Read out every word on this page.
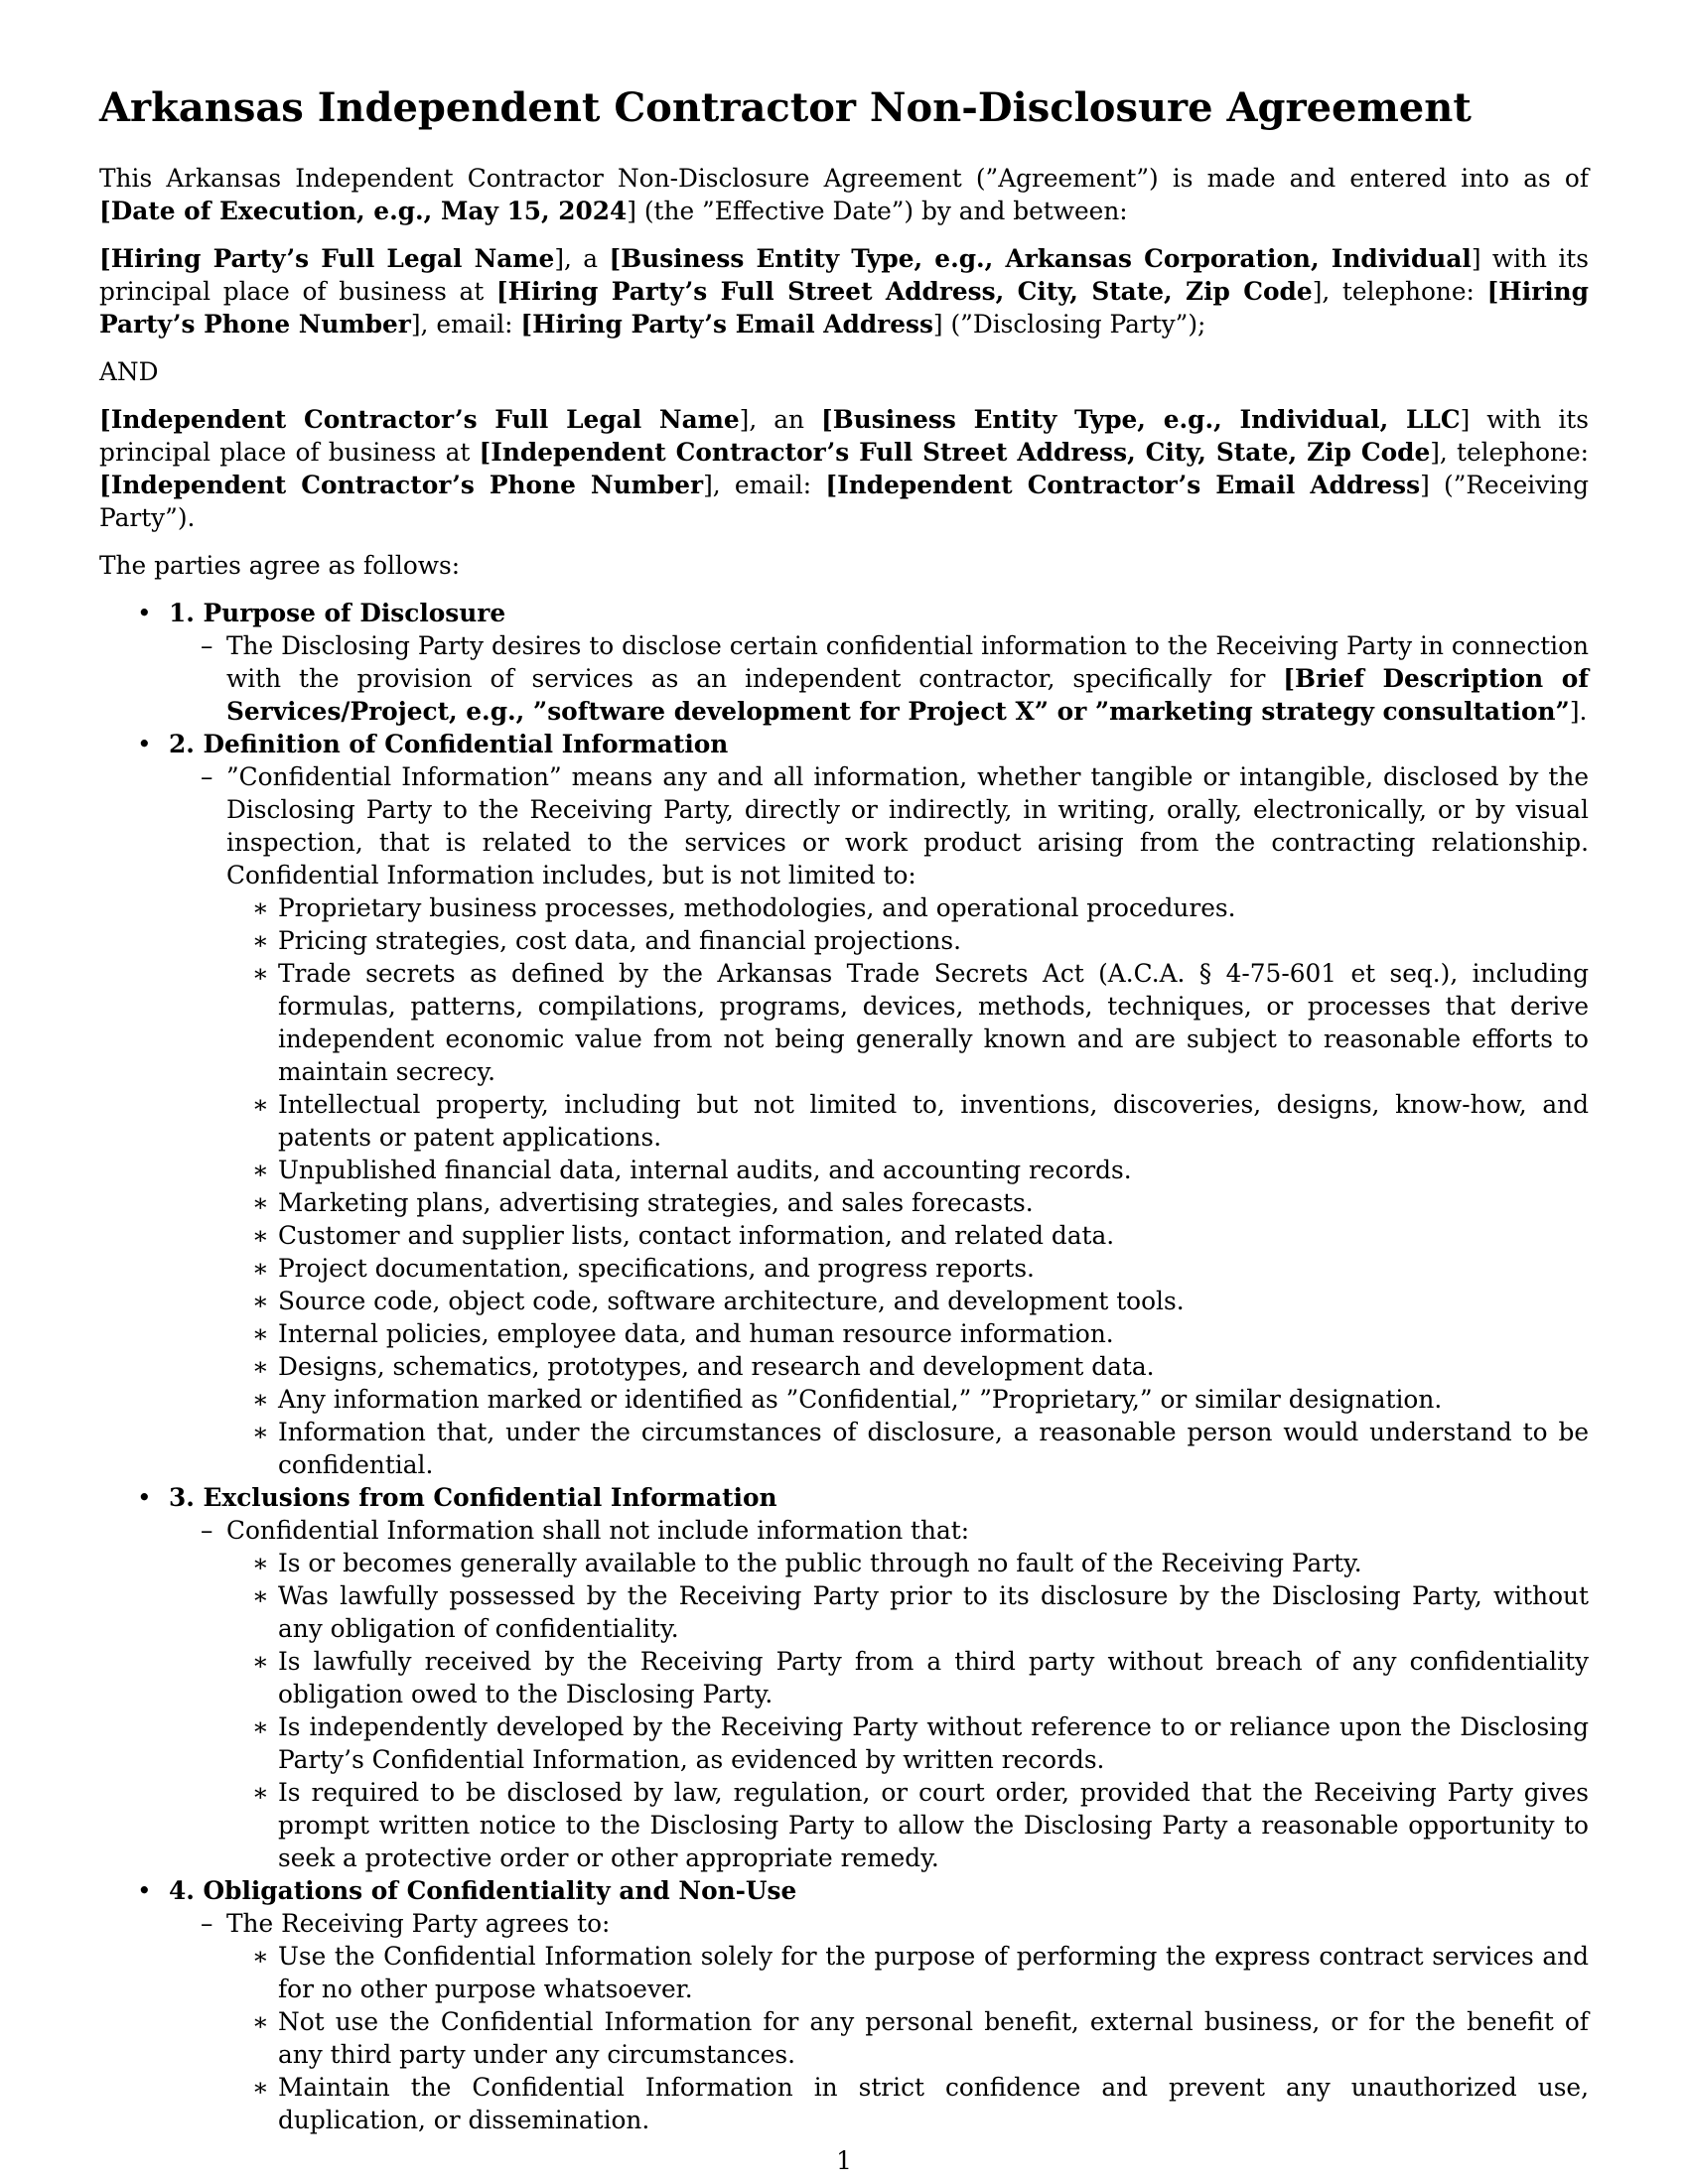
Arkansas Independent Contractor Non-Disclosure Agreement

This Arkansas Independent Contractor Non-Disclosure Agreement (”Agreement”) is made and entered into as of [Date of Execution, e.g., May 15, 2024] (the ”Effective Date”) by and between:

[Hiring Party’s Full Legal Name], a [Business Entity Type, e.g., Arkansas Corporation, Individual] with its principal place of business at [Hiring Party’s Full Street Address, City, State, Zip Code], telephone: [Hiring Party’s Phone Number], email: [Hiring Party’s Email Address] (”Disclosing Party”);

AND

[Independent Contractor’s Full Legal Name], an [Business Entity Type, e.g., Individual, LLC] with its principal place of business at [Independent Contractor’s Full Street Address, City, State, Zip Code], telephone: [Independent Contractor’s Phone Number], email: [Independent Contractor’s Email Address] (”Receiving Party”).

The parties agree as follows:

• 1. Purpose of Disclosure
– The Disclosing Party desires to disclose certain confidential information to the Receiving Party in connection with the provision of services as an independent contractor, specifically for [Brief Description of Services/Project, e.g., ”software development for Project X” or ”marketing strategy consultation”].
• 2. Definition of Confidential Information
– ”Confidential Information” means any and all information, whether tangible or intangible, disclosed by the Disclosing Party to the Receiving Party, directly or indirectly, in writing, orally, electronically, or by visual inspection, that is related to the services or work product arising from the contracting relationship. Confidential Information includes, but is not limited to:
∗ Proprietary business processes, methodologies, and operational procedures.
∗ Pricing strategies, cost data, and financial projections.
∗ Trade secrets as defined by the Arkansas Trade Secrets Act (A.C.A. § 4-75-601 et seq.), including formulas, patterns, compilations, programs, devices, methods, techniques, or processes that derive independent economic value from not being generally known and are subject to reasonable efforts to maintain secrecy.
∗ Intellectual property, including but not limited to, inventions, discoveries, designs, know-how, and patents or patent applications.
∗ Unpublished financial data, internal audits, and accounting records.
∗ Marketing plans, advertising strategies, and sales forecasts.
∗ Customer and supplier lists, contact information, and related data.
∗ Project documentation, specifications, and progress reports.
∗ Source code, object code, software architecture, and development tools.
∗ Internal policies, employee data, and human resource information.
∗ Designs, schematics, prototypes, and research and development data.
∗ Any information marked or identified as ”Confidential,” ”Proprietary,” or similar designation.
∗ Information that, under the circumstances of disclosure, a reasonable person would understand to be confidential.
• 3. Exclusions from Confidential Information
– Confidential Information shall not include information that:
∗ Is or becomes generally available to the public through no fault of the Receiving Party.
∗ Was lawfully possessed by the Receiving Party prior to its disclosure by the Disclosing Party, without any obligation of confidentiality.
∗ Is lawfully received by the Receiving Party from a third party without breach of any confidentiality obligation owed to the Disclosing Party.
∗ Is independently developed by the Receiving Party without reference to or reliance upon the Disclosing Party’s Confidential Information, as evidenced by written records.
∗ Is required to be disclosed by law, regulation, or court order, provided that the Receiving Party gives prompt written notice to the Disclosing Party to allow the Disclosing Party a reasonable opportunity to seek a protective order or other appropriate remedy.
• 4. Obligations of Confidentiality and Non-Use
– The Receiving Party agrees to:
∗ Use the Confidential Information solely for the purpose of performing the express contract services and for no other purpose whatsoever.
∗ Not use the Confidential Information for any personal benefit, external business, or for the benefit of any third party under any circumstances.
∗ Maintain the Confidential Information in strict confidence and prevent any unauthorized use, duplication, or dissemination.
1
